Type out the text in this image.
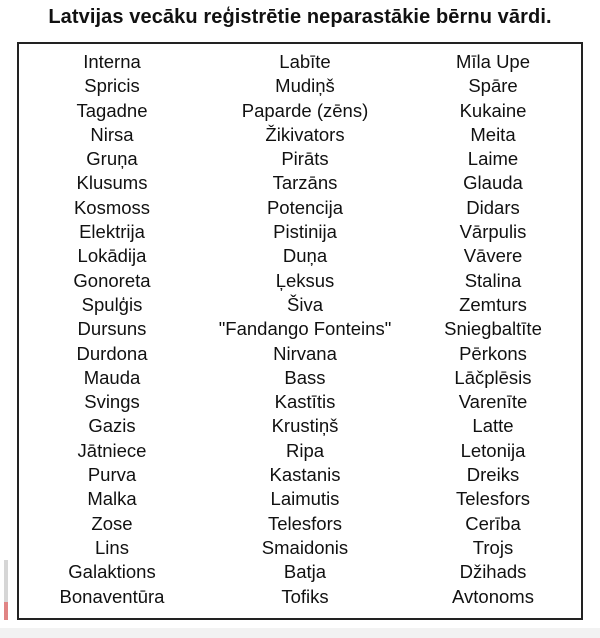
Latvijas vecāku reģistrētie neparastākie bērnu vārdi.
Interna
Spricis
Tagadne
Nirsa
Gruņa
Klusums
Kosmoss
Elektrija
Lokādija
Gonoreta
Spulģis
Dursuns
Durdona
Mauda
Svings
Gazis
Jātniece
Purva
Malka
Zose
Lins
Galaktions
Bonaventūra
Labīte
Mudiņš
Paparde (zēns)
Žikivators
Pirāts
Tarzāns
Potencija
Pistinija
Duņa
Ļeksus
Šiva
"Fandango Fonteins"
Nirvana
Bass
Kastītis
Krustiņš
Ripa
Kastanis
Laimutis
Telesfors
Smaidonis
Batja
Tofiks
Mīla Upe
Spāre
Kukaine
Meita
Laime
Glauda
Didars
Vārpulis
Vāvere
Stalina
Zemturs
Sniegbaltīte
Pērkons
Lāčplēsis
Varenīte
Latte
Letonija
Dreiks
Telesfors
Cerība
Trojs
Džihads
Avtonoms
